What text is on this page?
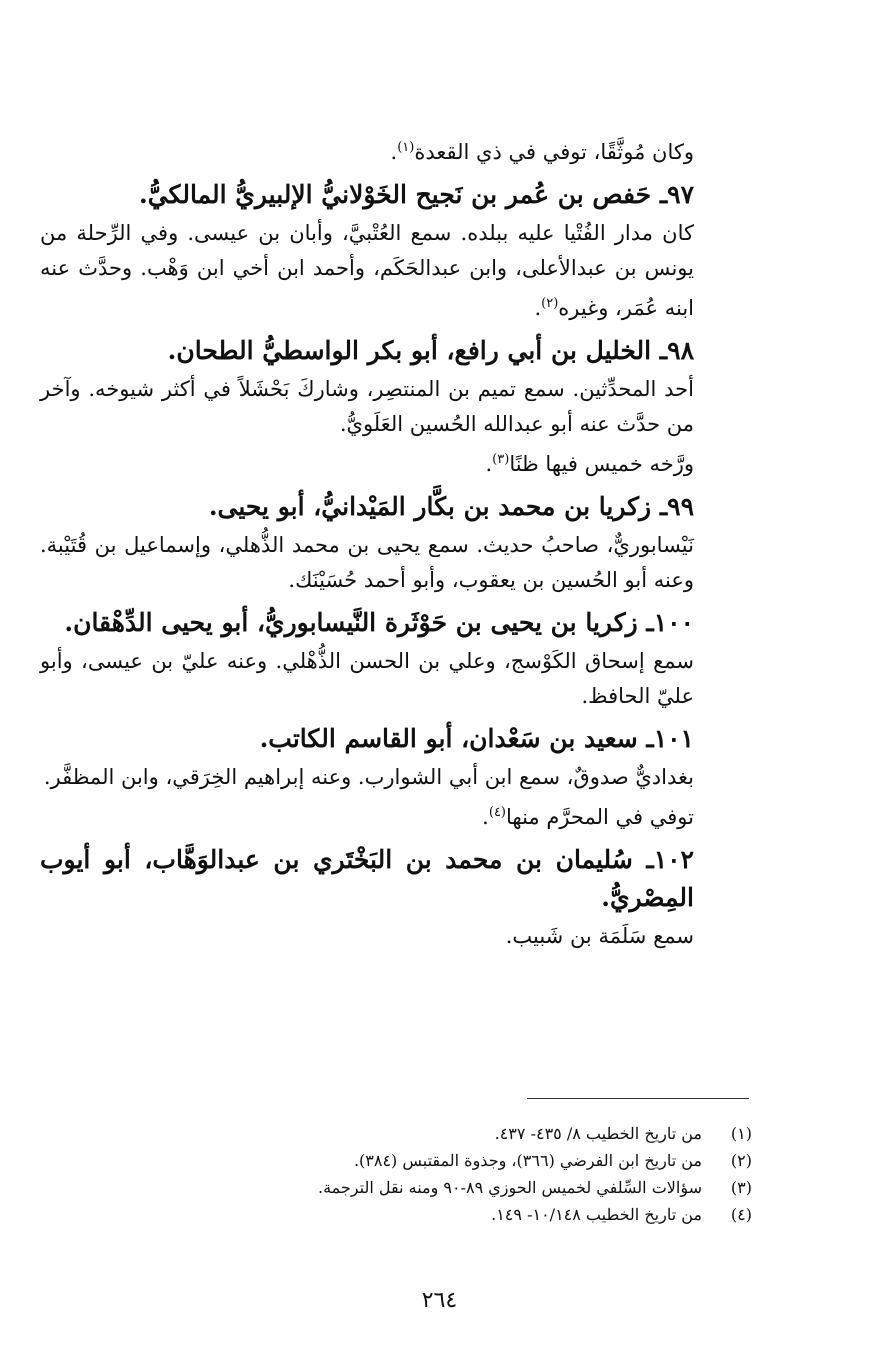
وكان مُوثَّقًا، توفي في ذي القعدة$^{(١)}$.

٩٧ـ حَفص بن عُمر بن نَجيح الخَوْلانيُّ الإلبيريُّ المالكيُّ.

كان مدار الفُتْيا عليه ببلده. سمع العُتْبيَّ، وأبان بن عيسى. وفي الرِّحلة من يونس بن عبدالأعلى، وابن عبدالحَكَم، وأحمد ابن أخي ابن وَهْب. وحدَّث عنه ابنه عُمَر، وغيره$^{(٢)}$.

٩٨ـ الخليل بن أبي رافع، أبو بكر الواسطيُّ الطحان.

أحد المحدِّثين. سمع تميم بن المنتصِر، وشاركَ بَحْشَلاً في أكثر شيوخه. وآخر من حدَّث عنه أبو عبدالله الحُسين العَلَويُّ.

ورَّخه خميس فيها ظنًا$^{(٣)}$.

٩٩ـ زكريا بن محمد بن بكَّار المَيْدانيُّ، أبو يحيى.

نَيْسابوريٌّ، صاحبُ حديث. سمع يحيى بن محمد الذُّهلي، وإسماعيل بن قُتَيْبة. وعنه أبو الحُسين بن يعقوب، وأبو أحمد حُسَيْنَك.

١٠٠ـ زكريا بن يحيى بن حَوْثَرة النَّيسابوريُّ، أبو يحيى الدِّهْقان.

سمع إسحاق الكَوْسج، وعلي بن الحسن الذُّهْلي. وعنه عليّ بن عيسى، وأبو عليّ الحافظ.

١٠١ـ سعيد بن سَعْدان، أبو القاسم الكاتب.

بغداديٌّ صدوقٌ، سمع ابن أبي الشوارب. وعنه إبراهيم الخِرَقي، وابن المظفَّر.

توفي في المحرَّم منها$^{(٤)}$.

١٠٢ـ سُليمان بن محمد بن البَخْتَري بن عبدالوَهَّاب، أبو أيوب المِصْريُّ.

سمع سَلَمَة بن شَبيب.

(١)
من تاريخ الخطيب ٨/ ٤٣٥- ٤٣٧.
(٢)
من تاريخ ابن الفرضي (٣٦٦)، وجذوة المقتبس (٣٨٤).
(٣)
سؤالات السِّلفي لخميس الحوزي ٨٩-٩٠ ومنه نقل الترجمة.
(٤)
من تاريخ الخطيب ١٠/١٤٨- ١٤٩.
٢٦٤
